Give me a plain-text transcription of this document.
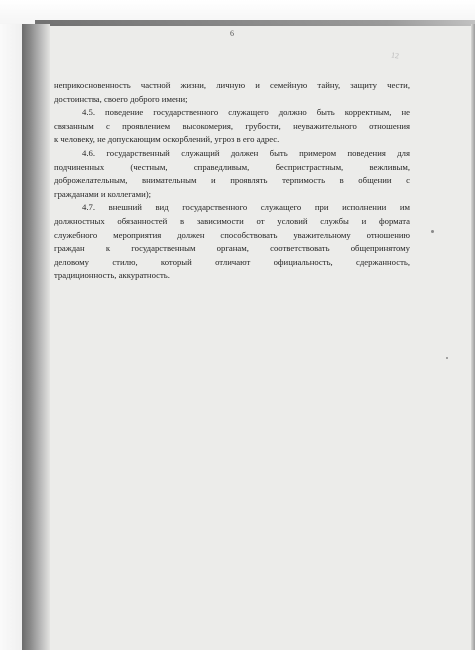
6
12
неприкосновенность частной жизни, личную и семейную тайну, защиту чести,
достоинства, своего доброго имени;
4.5. поведение государственного служащего должно быть корректным, не
связанным с проявлением высокомерия, грубости, неуважительного отношения
к человеку, не допускающим оскорблений, угроз в его адрес.
4.6. государственный служащий должен быть примером поведения для
подчиненных (честным, справедливым, беспристрастным, вежливым,
доброжелательным, внимательным и проявлять терпимость в общении с
гражданами и коллегами);
4.7. внешний вид государственного служащего при исполнении им
должностных обязанностей в зависимости от условий службы и формата
служебного мероприятия должен способствовать уважительному отношению
граждан к государственным органам, соответствовать общепринятому
деловому стилю, который отличают официальность, сдержанность,
традиционность, аккуратность.
